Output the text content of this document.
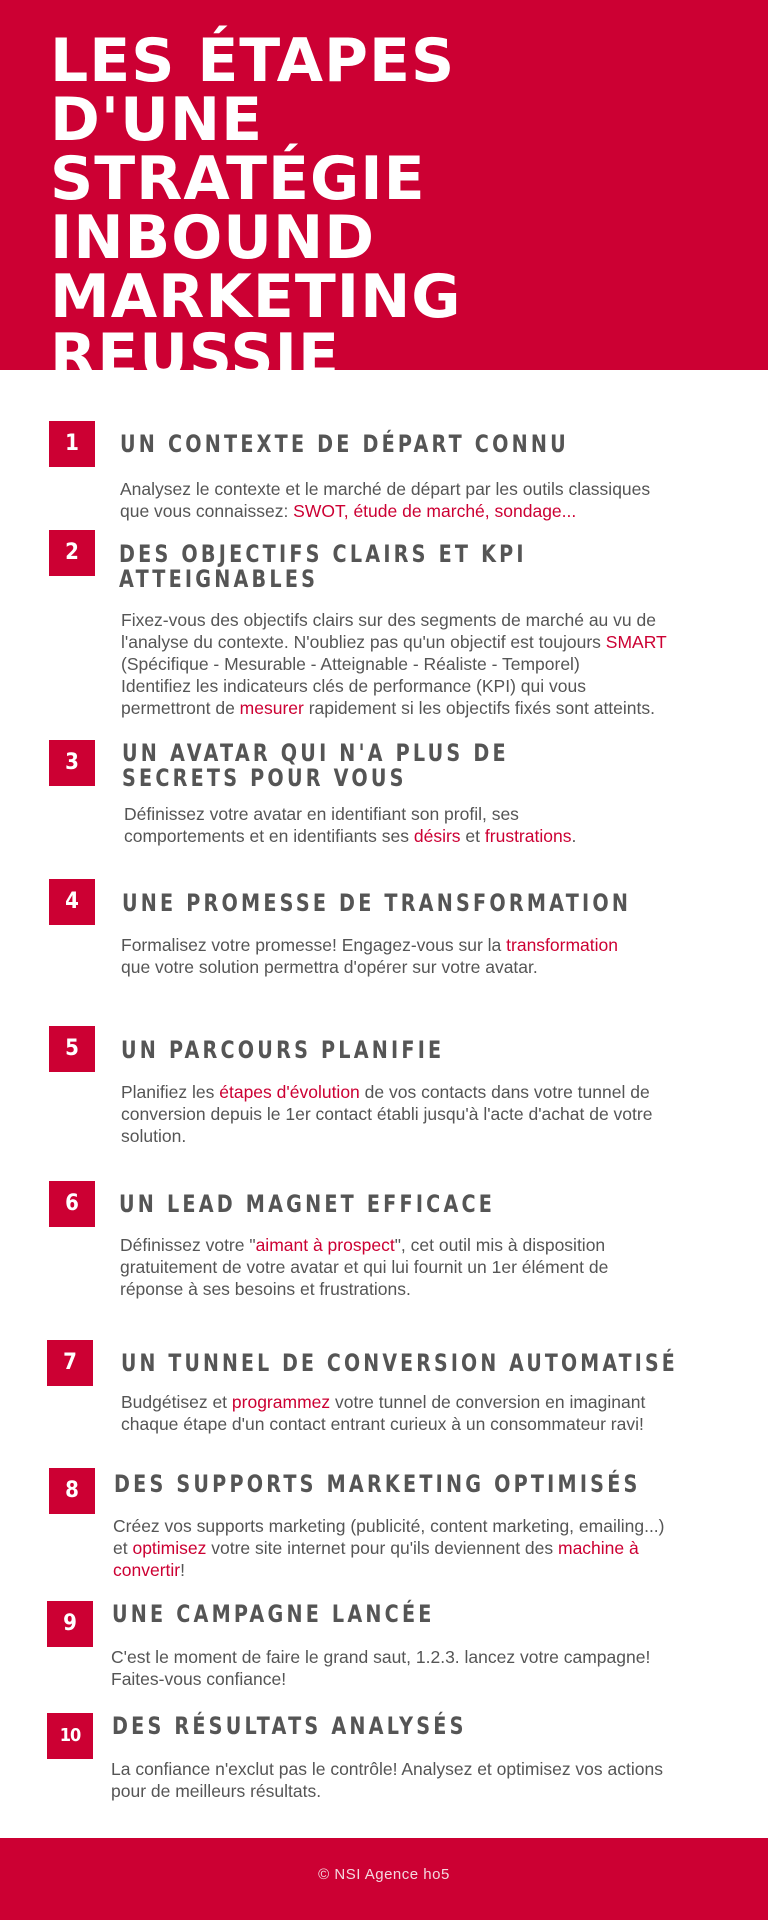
LES ÉTAPES D'UNE
STRATÉGIE
INBOUND
MARKETING
REUSSIE
1	UN CONTEXTE DE DÉPART CONNU

Analysez le contexte et le marché de départ par les outils classiques
que vous connaissez: SWOT, étude de marché, sondage...

2	DES OBJECTIFS CLAIRS ET KPI
ATTEIGNABLES

Fixez-vous des objectifs clairs sur des segments de marché au vu de
l'analyse du contexte. N'oubliez pas qu'un objectif est toujours SMART
(Spécifique - Mesurable - Atteignable - Réaliste - Temporel)
Identifiez les indicateurs clés de performance (KPI) qui vous
permettront de mesurer rapidement si les objectifs fixés sont atteints.

3	UN AVATAR QUI N'A PLUS DE
SECRETS POUR VOUS

Définissez votre avatar en identifiant son profil, ses
comportements et en identifiants ses désirs et frustrations.

4	UNE PROMESSE DE TRANSFORMATION

Formalisez votre promesse! Engagez-vous sur la transformation
que votre solution permettra d'opérer sur votre avatar.

5	UN PARCOURS PLANIFIE

Planifiez les étapes d'évolution de vos contacts dans votre tunnel de
conversion depuis le 1er contact établi jusqu'à l'acte d'achat de votre
solution.

6	UN LEAD MAGNET EFFICACE

Définissez votre "aimant à prospect", cet outil mis à disposition
gratuitement de votre avatar et qui lui fournit un 1er élément de
réponse à ses besoins et frustrations.

7	UN TUNNEL DE CONVERSION AUTOMATISÉ

Budgétisez et programmez votre tunnel de conversion en imaginant
chaque étape d'un contact entrant curieux à un consommateur ravi!

8	DES SUPPORTS MARKETING OPTIMISÉS

Créez vos supports marketing (publicité, content marketing, emailing...)
et optimisez votre site internet pour qu'ils deviennent des machine à
convertir!

9	UNE CAMPAGNE LANCÉE

C'est le moment de faire le grand saut, 1.2.3. lancez votre campagne!
Faites-vous confiance!

10	DES RÉSULTATS ANALYSÉS

La confiance n'exclut pas le contrôle! Analysez et optimisez vos actions
pour de meilleurs résultats.

© NSI Agence ho5
